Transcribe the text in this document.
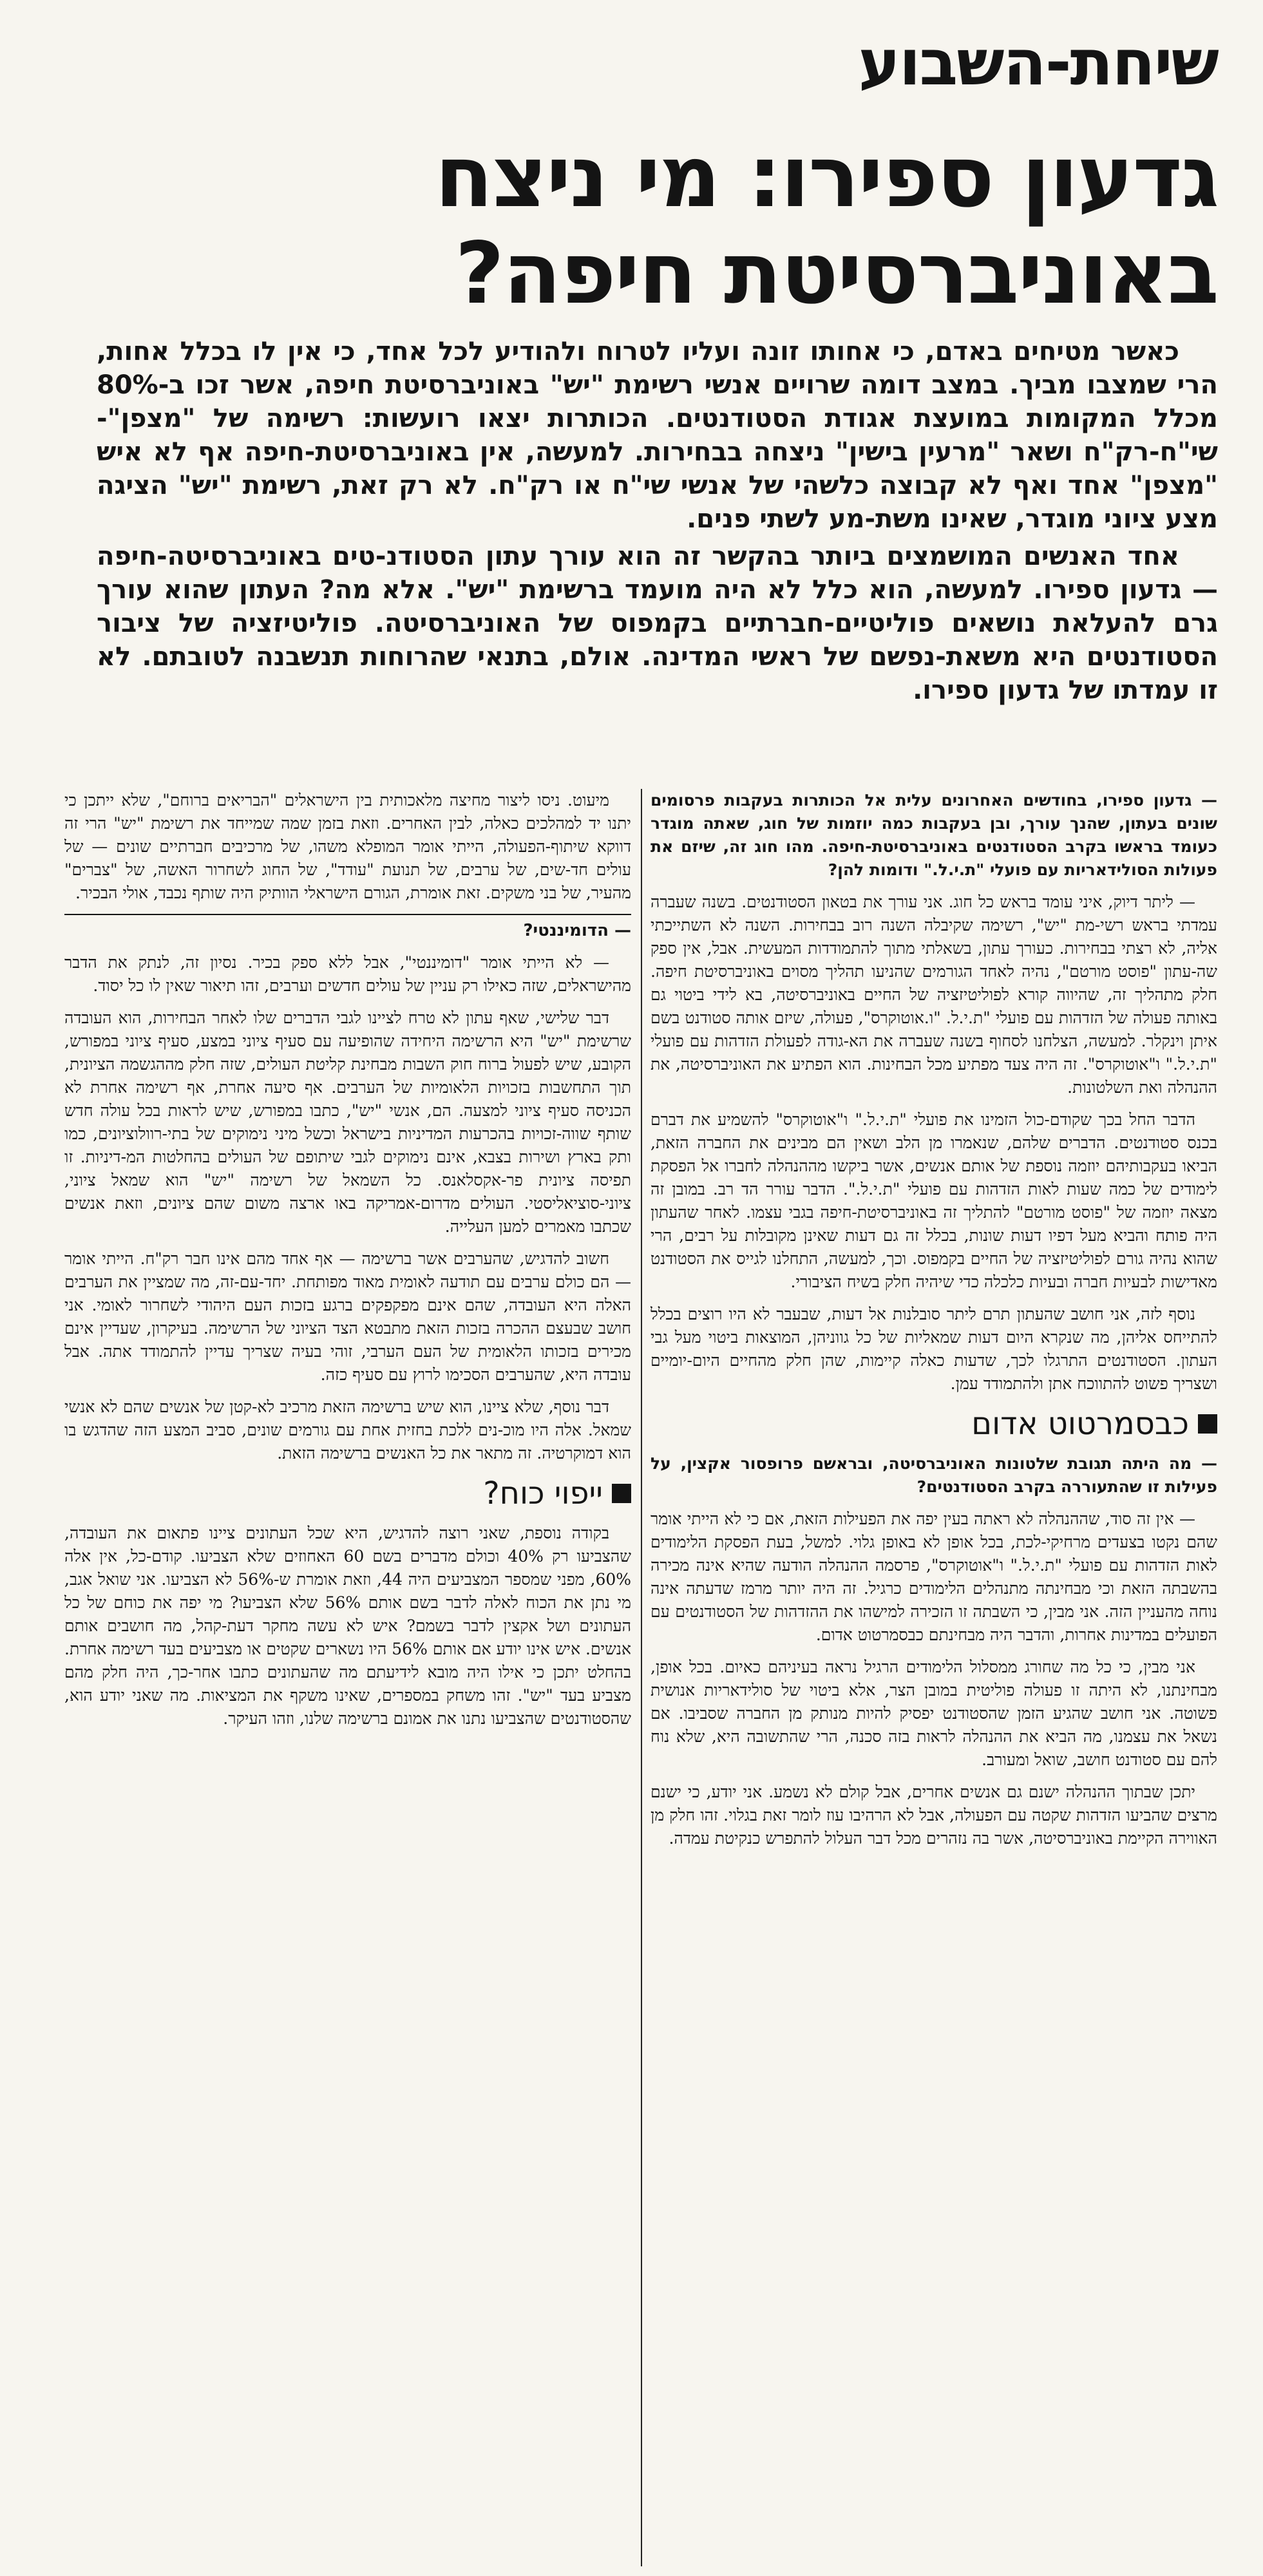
שיחת-השבוע
גדעון ספירו: מי ניצח
באוניברסיטת חיפה?

כאשר מטיחים באדם, כי אחותו זונה ועליו לטרוח ולהודיע לכל אחד, כי אין לו בכלל אחות, הרי שמצבו מביך. במצב דומה שרויים אנשי רשימת "יש" באוניברסיטת חיפה, אשר זכו ב-80% מכלל המקומות במועצת אגודת הסטודנטים. הכותרות יצאו רועשות: רשימה של "מצפן"-שי"ח-רק"ח ושאר "מרעין בישין" ניצחה בבחירות. למעשה, אין באוניברסיטת-חיפה אף לא איש "מצפן" אחד ואף לא קבוצה כלשהי של אנשי שי"ח או רק"ח. לא רק זאת, רשימת "יש" הציגה מצע ציוני מוגדר, שאינו משת-מע לשתי פנים.

אחד האנשים המושמצים ביותר בהקשר זה הוא עורך עתון הסטודנ-טים באוניברסיטה-חיפה — גדעון ספירו. למעשה, הוא כלל לא היה מועמד ברשימת "יש". אלא מה? העתון שהוא עורך גרם להעלאת נושאים פוליטיים-חברתיים בקמפוס של האוניברסיטה. פוליטיזציה של ציבור הסטודנטים היא משאת-נפשם של ראשי המדינה. אולם, בתנאי שהרוחות תנשבנה לטובתם. לא זו עמדתו של גדעון ספירו.

— גדעון ספירו, בחודשים האחרונים עלית אל הכותרות בעקבות פרסומים שונים בעתון, שהנך עורך, ובן בעקבות כמה יוזמות של חוג, שאתה מוגדר כעומד בראשו בקרב הסטודנטים באוניברסיטת-חיפה. מהו חוג זה, שיזם את פעולות הסולידאריות עם פועלי "ת.י.ל." ודומות להן?

— ליתר דיוק, איני עומד בראש כל חוג. אני עורך את בטאון הסטודנטים. בשנה שעברה עמדתי בראש רשי-מת "יש", רשימה שקיבלה השנה רוב בבחירות. השנה לא השתייכתי אליה, לא רצתי בבחירות. כעורך עתון, בשאלתי מתוך להתמודדות המעשית. אבל, אין ספק שה-עתון "פוסט מורטם", נהיה לאחד הגורמים שהניעו תהליך מסוים באוניברסיטת חיפה. חלק מתהליך זה, שהיווה קורא לפוליטיזציה של החיים באוניברסיטה, בא לידי ביטוי גם באותה פעולה של הזדהות עם פועלי "ת.י.ל. "ו.אוטוקרס", פעולה, שיזם אותה סטודנט בשם איתן וינקלר. למעשה, הצלחנו לסחוף בשנה שעברה את הא-גודה לפעולת הזדהות עם פועלי "ת.י.ל." ו"אוטוקרס". זה היה צעד מפתיע מכל הבחינות. הוא הפתיע את האוניברסיטה, את ההנהלה ואת השלטונות.

הדבר החל בכך שקודם-כול הזמינו את פועלי "ת.י.ל." ו"אוטוקרס" להשמיע את דברם בכנס סטודנטים. הדברים שלהם, שנאמרו מן הלב ושאין הם מבינים את החברה הזאת, הביאו בעקבותיהם יוזמה נוספת של אותם אנשים, אשר ביקשו מההנהלה לחברו אל הפסקת לימודים של כמה שעות לאות הזדהות עם פועלי "ת.י.ל.". הדבר עורר הד רב. במובן זה מצאה יוזמה של "פוסט מורטם" להתליך זה באוניברסיטת-חיפה בגבי עצמו. לאחר שהעתון היה פותח והביא מעל דפיו דעות שונות, בכלל זה גם דעות שאינן מקובלות על רבים, הרי שהוא נהיה גורם לפוליטיזציה של החיים בקמפוס. וכך, למעשה, התחלנו לגייס את הסטודנט מאדישות לבעיות חברה ובעיות כלכלה כדי שיהיה חלק בשיח הציבורי.

נוסף לזה, אני חושב שהעתון תרם ליתר סובלנות אל דעות, שבעבר לא היו רוצים בכלל להתייחס אליהן, מה שנקרא היום דעות שמאליות של כל גווניהן, המוצאות ביטוי מעל גבי העתון. הסטודנטים התרגלו לכך, שדעות כאלה קיימות, שהן חלק מהחיים היום-יומיים ושצריך פשוט להתווכח אתן ולהתמודד עמן.

כבסמרטוט אדום

— מה היתה תגובת שלטונות האוניברסיטה, ובראשם פרופסור אקצין, על פעילות זו שהתעוררה בקרב הסטודנטים?

— אין זה סוד, שההנהלה לא ראתה בעין יפה את הפעילות הזאת, אם כי לא הייתי אומר שהם נקטו בצעדים מרחיקי-לכת, בכל אופן לא באופן גלוי. למשל, בעת הפסקת הלימודים לאות הזדהות עם פועלי "ת.י.ל." ו"אוטוקרס", פרסמה ההנהלה הודעה שהיא אינה מכירה בהשבתה הזאת וכי מבחינתה מתנהלים הלימודים כרגיל. זה היה יותר מרמז שדעתה אינה נוחה מהעניין הזה. אני מבין, כי השבתה זו הזכירה למישהו את ההזדהות של הסטודנטים עם הפועלים במדינות אחרות, והדבר היה מבחינתם כבסמרטוט אדום.

אני מבין, כי כל מה שחורג ממסלול הלימודים הרגיל נראה בעיניהם כאיום. בכל אופן, מבחינתנו, לא היתה זו פעולה פוליטית במובן הצר, אלא ביטוי של סולידאריות אנושית פשוטה. אני חושב שהגיע הזמן שהסטודנט יפסיק להיות מנותק מן החברה שסביבו. אם נשאל את עצמנו, מה הביא את ההנהלה לראות בזה סכנה, הרי שהתשובה היא, שלא נוח להם עם סטודנט חושב, שואל ומעורב.

יתכן שבתוך ההנהלה ישנם גם אנשים אחרים, אבל קולם לא נשמע. אני יודע, כי ישנם מרצים שהביעו הזדהות שקטה עם הפעולה, אבל לא הרהיבו עוז לומר זאת בגלוי. זהו חלק מן האווירה הקיימת באוניברסיטה, אשר בה נזהרים מכל דבר העלול להתפרש כנקיטת עמדה.

מיעוט. ניסו ליצור מחיצה מלאכותית בין הישראלים "הבריאים ברוחם", שלא ייתכן כי יתנו יד למהלכים כאלה, לבין האחרים. וזאת בזמן שמה שמייחד את רשימת "יש" הרי זה דווקא שיתוף-הפעולה, הייתי אומר המופלא משהו, של מרכיבים חברתיים שונים — של עולים חד-שים, של ערבים, של תנועת "עודד", של החוג לשחרור האשה, של "צברים" מהעיר, של בני משקים. זאת אומרת, הגורם הישראלי הוותיק היה שותף נכבד, אולי הבכיר.

— הדומיננטי?

— לא הייתי אומר "דומיננטי", אבל ללא ספק בכיר. נסיון זה, לנתק את הדבר מהישראלים, שזה כאילו רק עניין של עולים חדשים וערבים, זהו תיאור שאין לו כל יסוד.

דבר שלישי, שאף עתון לא טרח לציינו לגבי הדברים שלו לאחר הבחירות, הוא העובדה שרשימת "יש" היא הרשימה היחידה שהופיעה עם סעיף ציוני במצע, סעיף ציוני במפורש, הקובע, שיש לפעול ברוח חוק השבות מבחינת קליטת העולים, שזה חלק מההגשמה הציונית, תוך התחשבות בזכויות הלאומיות של הערבים. אף סיעה אחרת, אף רשימה אחרת לא הכניסה סעיף ציוני למצעה. הם, אנשי "יש", כתבו במפורש, שיש לראות בכל עולה חדש שותף שווה-זכויות בהכרעות המדיניות בישראל וכשל מיני נימוקים של בתי-רוולוציונים, כמו ותק בארץ ושירות בצבא, אינם נימוקים לגבי שיתופם של העולים בהחלטות המ-דיניות. זו תפיסה ציונית פר-אקסלאנס. כל השמאל של רשימה "יש" הוא שמאל ציוני, ציוני-סוציאליסטי. העולים מדרום-אמריקה באו ארצה משום שהם ציונים, וזאת אנשים שכתבו מאמרים למען העלייה.

חשוב להדגיש, שהערבים אשר ברשימה — אף אחד מהם אינו חבר רק"ח. הייתי אומר — הם כולם ערבים עם תודעה לאומית מאוד מפותחת. יחד-עם-זה, מה שמציין את הערבים האלה היא העובדה, שהם אינם מפקפקים ברגע בזכות העם היהודי לשחרור לאומי. אני חושב שבעצם ההכרה בזכות הזאת מתבטא הצד הציוני של הרשימה. בעיקרון, שעדיין אינם מכירים בזכותו הלאומית של העם הערבי, זוהי בעיה שצריך עדיין להתמודד אתה. אבל עובדה היא, שהערבים הסכימו לרוץ עם סעיף כזה.

דבר נוסף, שלא ציינו, הוא שיש ברשימה הזאת מרכיב לא-קטן של אנשים שהם לא אנשי שמאל. אלה היו מוכ-נים ללכת בחזית אחת עם גורמים שונים, סביב המצע הזה שהדגש בו הוא דמוקרטיה. זה מתאר את כל האנשים ברשימה הזאת.

ייפוי כוח?

בקודה נוספת, שאני רוצה להדגיש, היא שכל העתונים ציינו פתאום את העובדה, שהצביעו רק 40% וכולם מדברים בשם 60 האחוזים שלא הצביעו. קודם-כל, אין אלה 60%, מפני שמספר המצביעים היה 44, וזאת אומרת ש-56% לא הצביעו. אני שואל אגב, מי נתן את הכוח לאלה לדבר בשם אותם 56% שלא הצביעו? מי יפה את כוחם של כל העתונים ושל אקצין לדבר בשמם? איש לא עשה מחקר דעת-קהל, מה חושבים אותם אנשים. איש אינו יודע אם אותם 56% היו נשארים שקטים או מצביעים בעד רשימה אחרת. בהחלט יתכן כי אילו היה מובא לידיעתם מה שהעתונים כתבו אחר-כך, היה חלק מהם מצביע בעד "יש". זהו משחק במספרים, שאינו משקף את המציאות. מה שאני יודע הוא, שהסטודנטים שהצביעו נתנו את אמונם ברשימה שלנו, וזהו העיקר.
